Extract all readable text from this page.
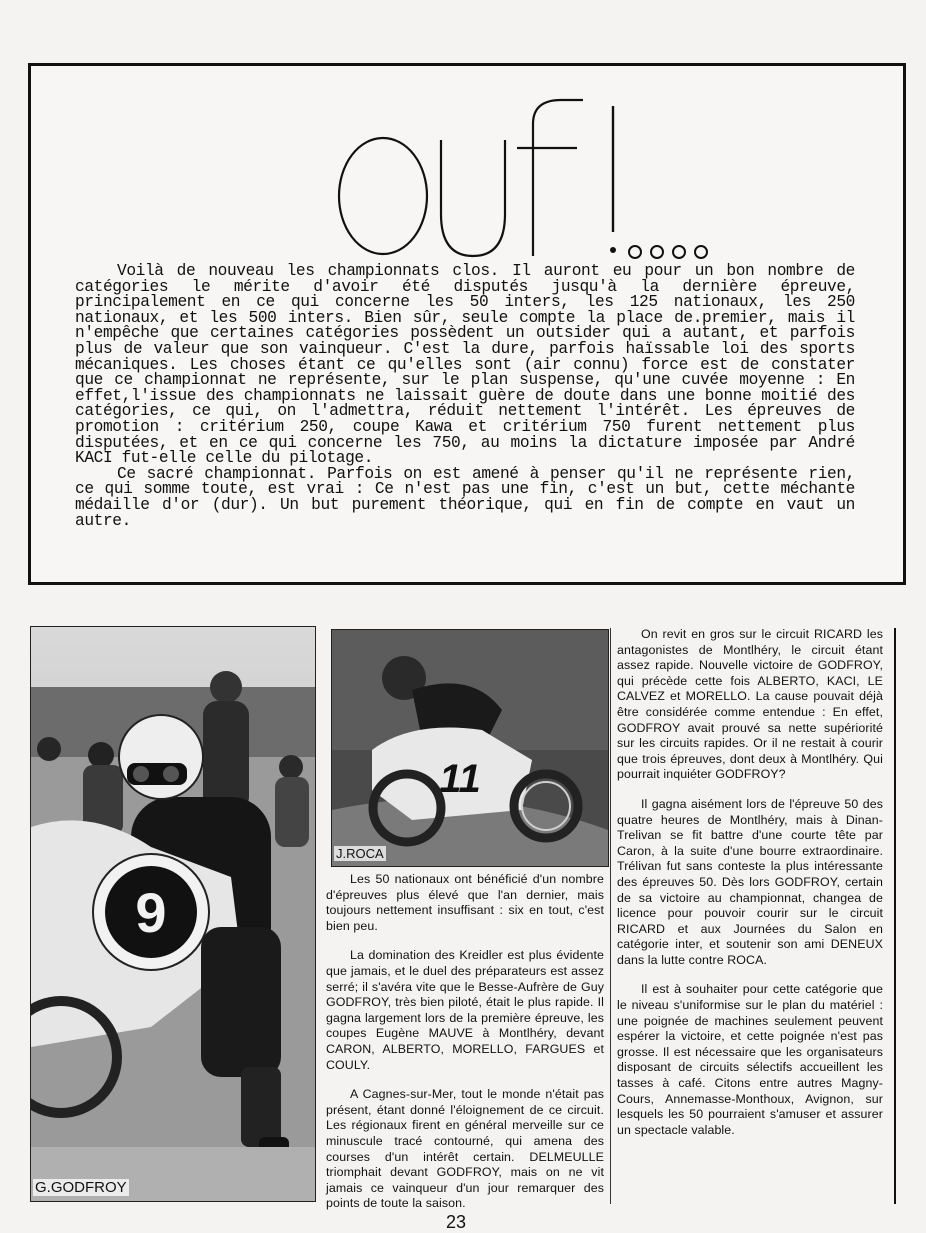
Voilà de nouveau les championnats clos. Il auront eu pour un bon nombre de catégories le mérite d'avoir été disputés jusqu'à la dernière épreuve, principalement en ce qui concerne les 50 inters, les 125 nationaux, les 250 nationaux, et les 500 inters. Bien sûr, seule compte la place de.premier, mais il n'empêche que certaines catégories possèdent un outsider qui a autant, et parfois plus de valeur que son vainqueur. C'est la dure, parfois haïssable loi des sports mécaniques. Les choses étant ce qu'elles sont (air connu) force est de constater que ce championnat ne représente, sur le plan suspense, qu'une cuvée moyenne : En effet,l'issue des championnats ne laissait guère de doute dans une bonne moitié des catégories, ce qui, on l'admettra, réduit nettement l'intérêt. Les épreuves de promotion : critérium 250, coupe Kawa et critérium 750 furent nettement plus disputées, et en ce qui concerne les 750, au moins la dictature imposée par André KACI fut-elle celle du pilotage.

Ce sacré championnat. Parfois on est amené à penser qu'il ne représente rien, ce qui somme toute, est vrai : Ce n'est pas une fin, c'est un but, cette méchante médaille d'or (dur). Un but purement théorique, qui en fin de compte en vaut un autre.

9
G.GODFROY
11
J.ROCA

Les 50 nationaux ont bénéficié d'un nombre d'épreuves plus élevé que l'an dernier, mais toujours nettement insuffisant : six en tout, c'est bien peu.

La domination des Kreidler est plus évidente que jamais, et le duel des préparateurs est assez serré; il s'avéra vite que le Besse-Aufrère de Guy GODFROY, très bien piloté, était le plus rapide. Il gagna largement lors de la première épreuve, les coupes Eugène MAUVE à Montlhéry, devant CARON, ALBERTO, MORELLO, FARGUES et COULY.

A Cagnes-sur-Mer, tout le monde n'était pas présent, étant donné l'éloignement de ce circuit. Les régionaux firent en général merveille sur ce minuscule tracé contourné, qui amena des courses d'un intérêt certain. DELMEULLE triomphait devant GODFROY, mais on ne vit jamais ce vainqueur d'un jour remarquer des points de toute la saison.

On revit en gros sur le circuit RICARD les antagonistes de Montlhéry, le circuit étant assez rapide. Nouvelle victoire de GODFROY, qui précède cette fois ALBERTO, KACI, LE CALVEZ et MORELLO. La cause pouvait déjà être considérée comme entendue : En effet, GODFROY avait prouvé sa nette supériorité sur les circuits rapides. Or il ne restait à courir que trois épreuves, dont deux à Montlhéry. Qui pourrait inquiéter GODFROY?

Il gagna aisément lors de l'épreuve 50 des quatre heures de Montlhéry, mais à Dinan-Trelivan se fit battre d'une courte tête par Caron, à la suite d'une bourre extraordinaire. Trélivan fut sans conteste la plus intéressante des épreuves 50. Dès lors GODFROY, certain de sa victoire au championnat, changea de licence pour pouvoir courir sur le circuit RICARD et aux Journées du Salon en catégorie inter, et soutenir son ami DENEUX dans la lutte contre ROCA.

Il est à souhaiter pour cette catégorie que le niveau s'uniformise sur le plan du matériel : une poignée de machines seulement peuvent espérer la victoire, et cette poignée n'est pas grosse. Il est nécessaire que les organisateurs disposant de circuits sélectifs accueillent les tasses à café. Citons entre autres Magny-Cours, Annemasse-Monthoux, Avignon, sur lesquels les 50 pourraient s'amuser et assurer un spectacle valable.

23
